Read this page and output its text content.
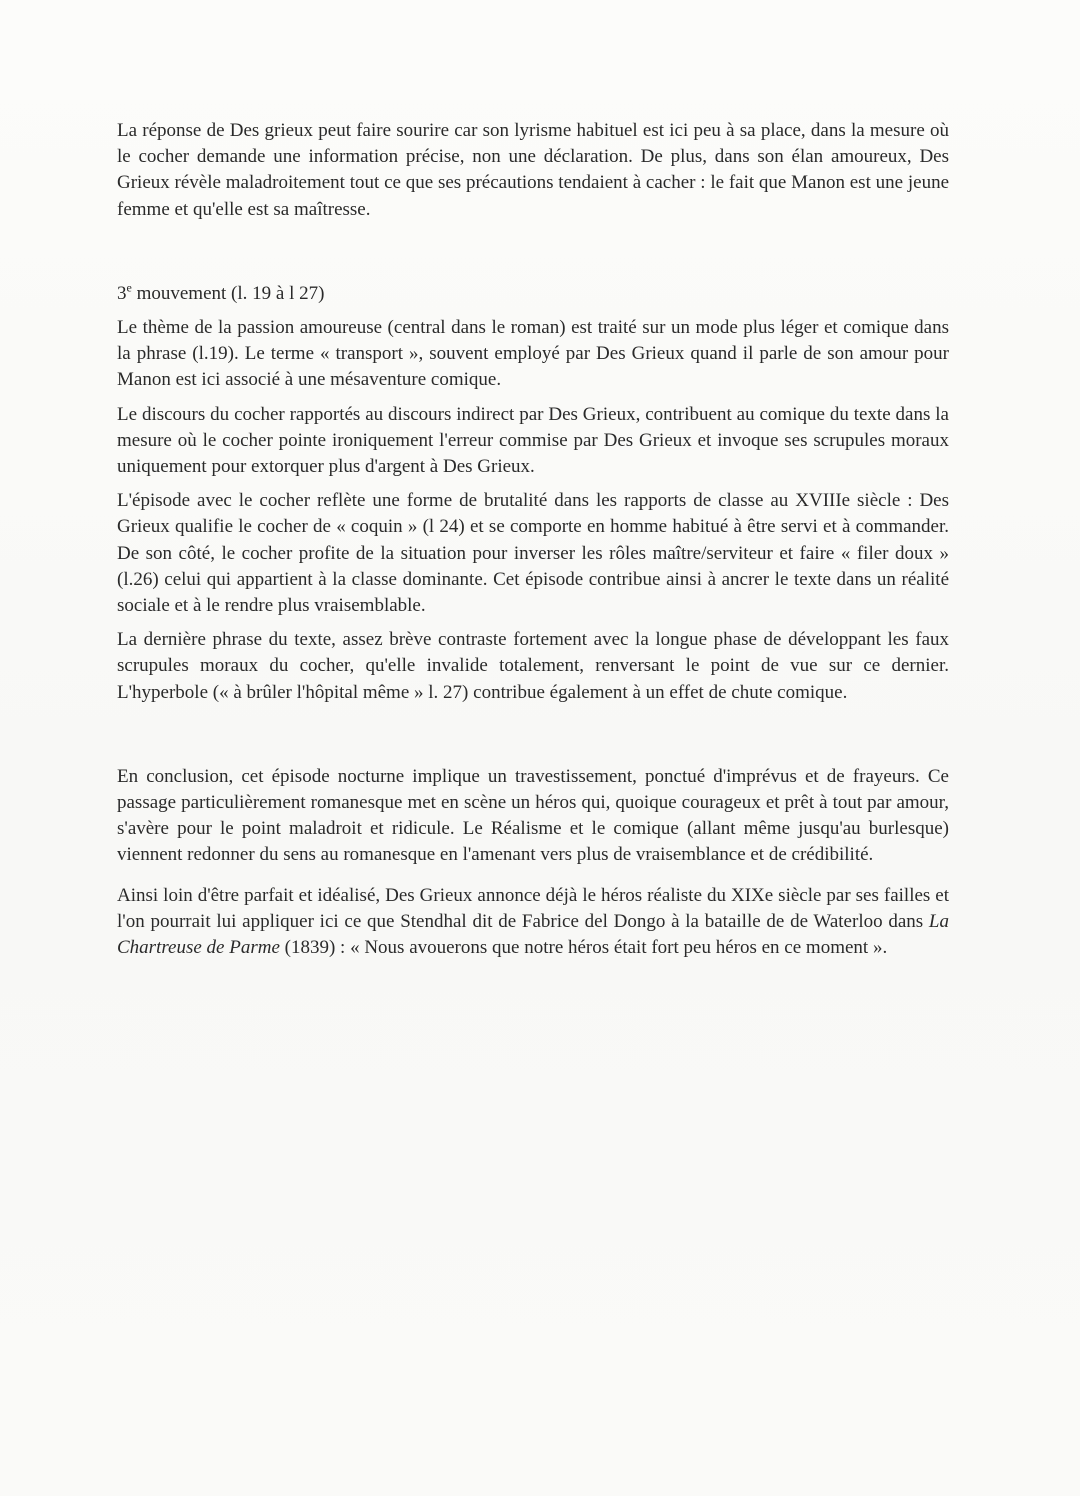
La réponse de Des grieux peut faire sourire car son lyrisme habituel est ici peu à sa place, dans la mesure où le cocher demande une information précise, non une déclaration. De plus, dans son élan amoureux, Des Grieux révèle maladroitement tout ce que ses précautions tendaient à cacher : le fait que Manon est une jeune femme et qu'elle est sa maîtresse.

3e mouvement (l. 19 à l 27)

Le thème de la passion amoureuse (central dans le roman) est traité sur un mode plus léger et comique dans la phrase (l.19). Le terme « transport », souvent employé par Des Grieux quand il parle de son amour pour Manon est ici associé à une mésaventure comique.

Le discours du cocher rapportés au discours indirect par Des Grieux, contribuent au comique du texte dans la mesure où le cocher pointe ironiquement l'erreur commise par Des Grieux et invoque ses scrupules moraux uniquement pour extorquer plus d'argent à Des Grieux.

L'épisode avec le cocher reflète une forme de brutalité dans les rapports de classe au XVIIIe siècle : Des Grieux qualifie le cocher de « coquin » (l 24) et se comporte en homme habitué à être servi et à commander. De son côté, le cocher profite de la situation pour inverser les rôles maître/serviteur et faire « filer doux » (l.26) celui qui appartient à la classe dominante. Cet épisode contribue ainsi à ancrer le texte dans un réalité sociale et à le rendre plus vraisemblable.

La dernière phrase du texte, assez brève contraste fortement avec la longue phase de développant les faux scrupules moraux du cocher, qu'elle invalide totalement, renversant le point de vue sur ce dernier. L'hyperbole (« à brûler l'hôpital même » l. 27) contribue également à un effet de chute comique.

En conclusion, cet épisode nocturne implique un travestissement, ponctué d'imprévus et de frayeurs. Ce passage particulièrement romanesque met en scène un héros qui, quoique courageux et prêt à tout par amour, s'avère pour le point maladroit et ridicule. Le Réalisme et le comique (allant même jusqu'au burlesque) viennent redonner du sens au romanesque en l'amenant vers plus de vraisemblance et de crédibilité.

Ainsi loin d'être parfait et idéalisé, Des Grieux annonce déjà le héros réaliste du XIXe siècle par ses failles et l'on pourrait lui appliquer ici ce que Stendhal dit de Fabrice del Dongo à la bataille de de Waterloo dans La Chartreuse de Parme (1839) : « Nous avouerons que notre héros était fort peu héros en ce moment ».
